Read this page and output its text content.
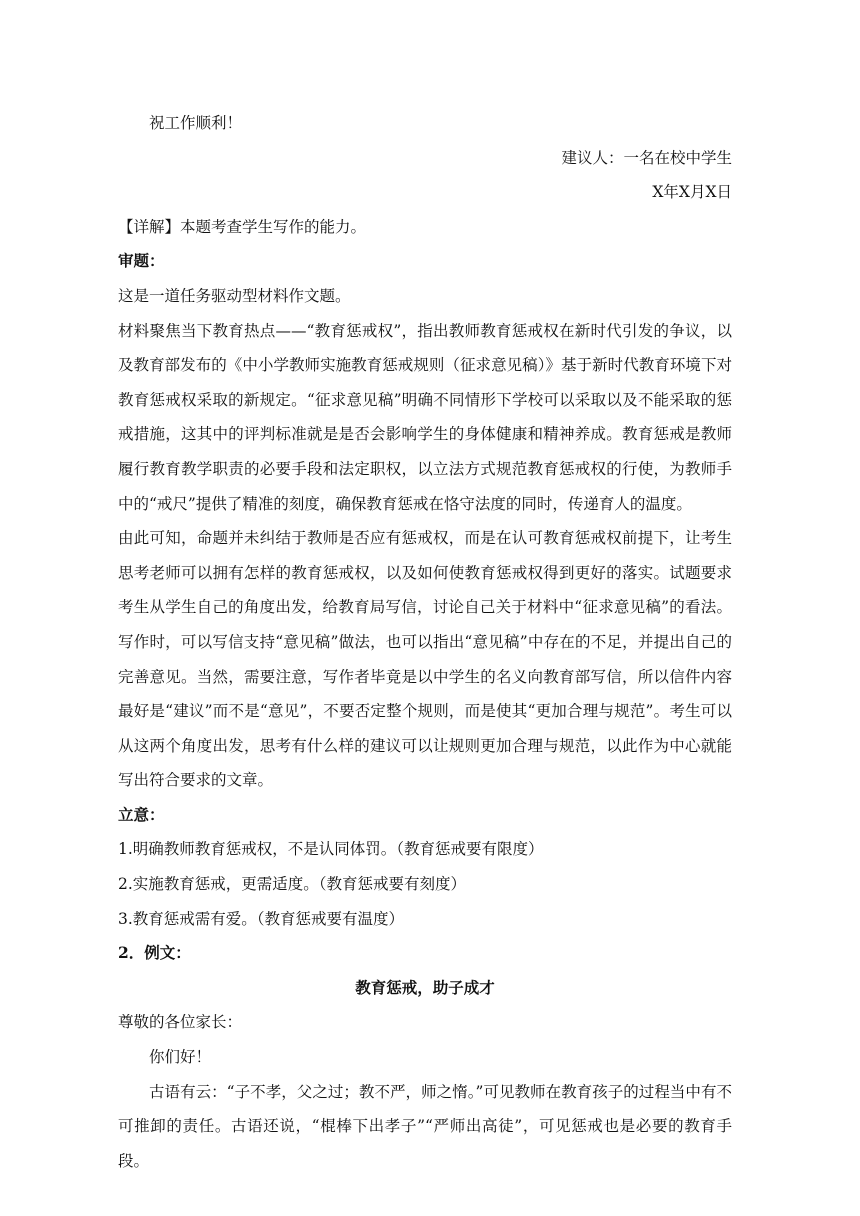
祝工作顺利！

建议人：一名在校中学生

X年X月X日

【详解】本题考查学生写作的能力。

审题：

这是一道任务驱动型材料作文题。

材料聚焦当下教育热点——“教育惩戒权”，指出教师教育惩戒权在新时代引发的争议，以及教育部发布的《中小学教师实施教育惩戒规则（征求意见稿）》基于新时代教育环境下对教育惩戒权采取的新规定。“征求意见稿”明确不同情形下学校可以采取以及不能采取的惩戒措施，这其中的评判标准就是是否会影响学生的身体健康和精神养成。教育惩戒是教师履行教育教学职责的必要手段和法定职权，以立法方式规范教育惩戒权的行使，为教师手中的“戒尺”提供了精准的刻度，确保教育惩戒在恪守法度的同时，传递育人的温度。

由此可知，命题并未纠结于教师是否应有惩戒权，而是在认可教育惩戒权前提下，让考生思考老师可以拥有怎样的教育惩戒权，以及如何使教育惩戒权得到更好的落实。试题要求考生从学生自己的角度出发，给教育局写信，讨论自己关于材料中“征求意见稿”的看法。写作时，可以写信支持“意见稿”做法，也可以指出“意见稿”中存在的不足，并提出自己的完善意见。当然，需要注意，写作者毕竟是以中学生的名义向教育部写信，所以信件内容最好是“建议”而不是“意见”，不要否定整个规则，而是使其“更加合理与规范”。考生可以从这两个角度出发，思考有什么样的建议可以让规则更加合理与规范，以此作为中心就能写出符合要求的文章。

立意：

1.明确教师教育惩戒权，不是认同体罚。（教育惩戒要有限度）

2.实施教育惩戒，更需适度。（教育惩戒要有刻度）

3.教育惩戒需有爱。（教育惩戒要有温度）

2．例文：

教育惩戒，助子成才

尊敬的各位家长：

你们好！

古语有云：“子不孝，父之过；教不严，师之惰。”可见教师在教育孩子的过程当中有不可推卸的责任。古语还说，“棍棒下出孝子”“严师出高徒”，可见惩戒也是必要的教育手段。
